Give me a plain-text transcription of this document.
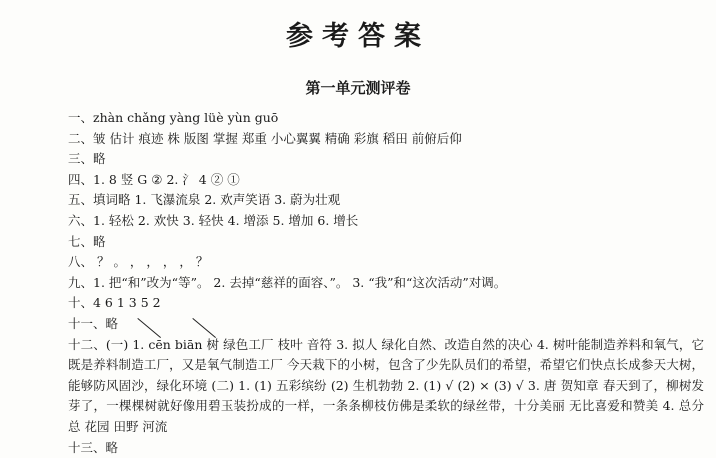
参考答案
第一单元测评卷
一、zhàn chǎng yàng lüè yùn guō
二、皱 估计 痕迹 株 版图 掌握 郑重 小心翼翼 精确 彩旗 稻田 前俯后仰
三、略
四、1. 8 竖 G ② 2. 氵 4 ② ①
五、填词略 1. 飞瀑流泉 2. 欢声笑语 3. 蔚为壮观
六、1. 轻松 2. 欢快 3. 轻快 4. 增添 5. 增加 6. 增长
七、略
八、 ？ 。 ， ， ， ， ？
九、1. 把“和”改为“等”。 2. 去掉“慈祥的面容、”。 3. “我”和“这次活动”对调。
十、4 6 1 3 5 2
十一、略
十二、(一) 1. cēn biān 树 绿色工厂 枝叶 音符 3. 拟人 绿化自然、改造自然的决心 4. 树叶能制造养料和氧气，它既是养料制造工厂，又是氧气制造工厂 今天栽下的小树，包含了少先队员们的希望，希望它们快点长成参天大树，能够防风固沙，绿化环境 (二) 1. (1) 五彩缤纷 (2) 生机勃勃 2. (1) √ (2) × (3) √ 3. 唐 贺知章 春天到了，柳树发芽了，一棵棵树就好像用碧玉装扮成的一样，一条条柳枝仿佛是柔软的绿丝带，十分美丽 无比喜爱和赞美 4. 总分总 花园 田野 河流
十三、略
